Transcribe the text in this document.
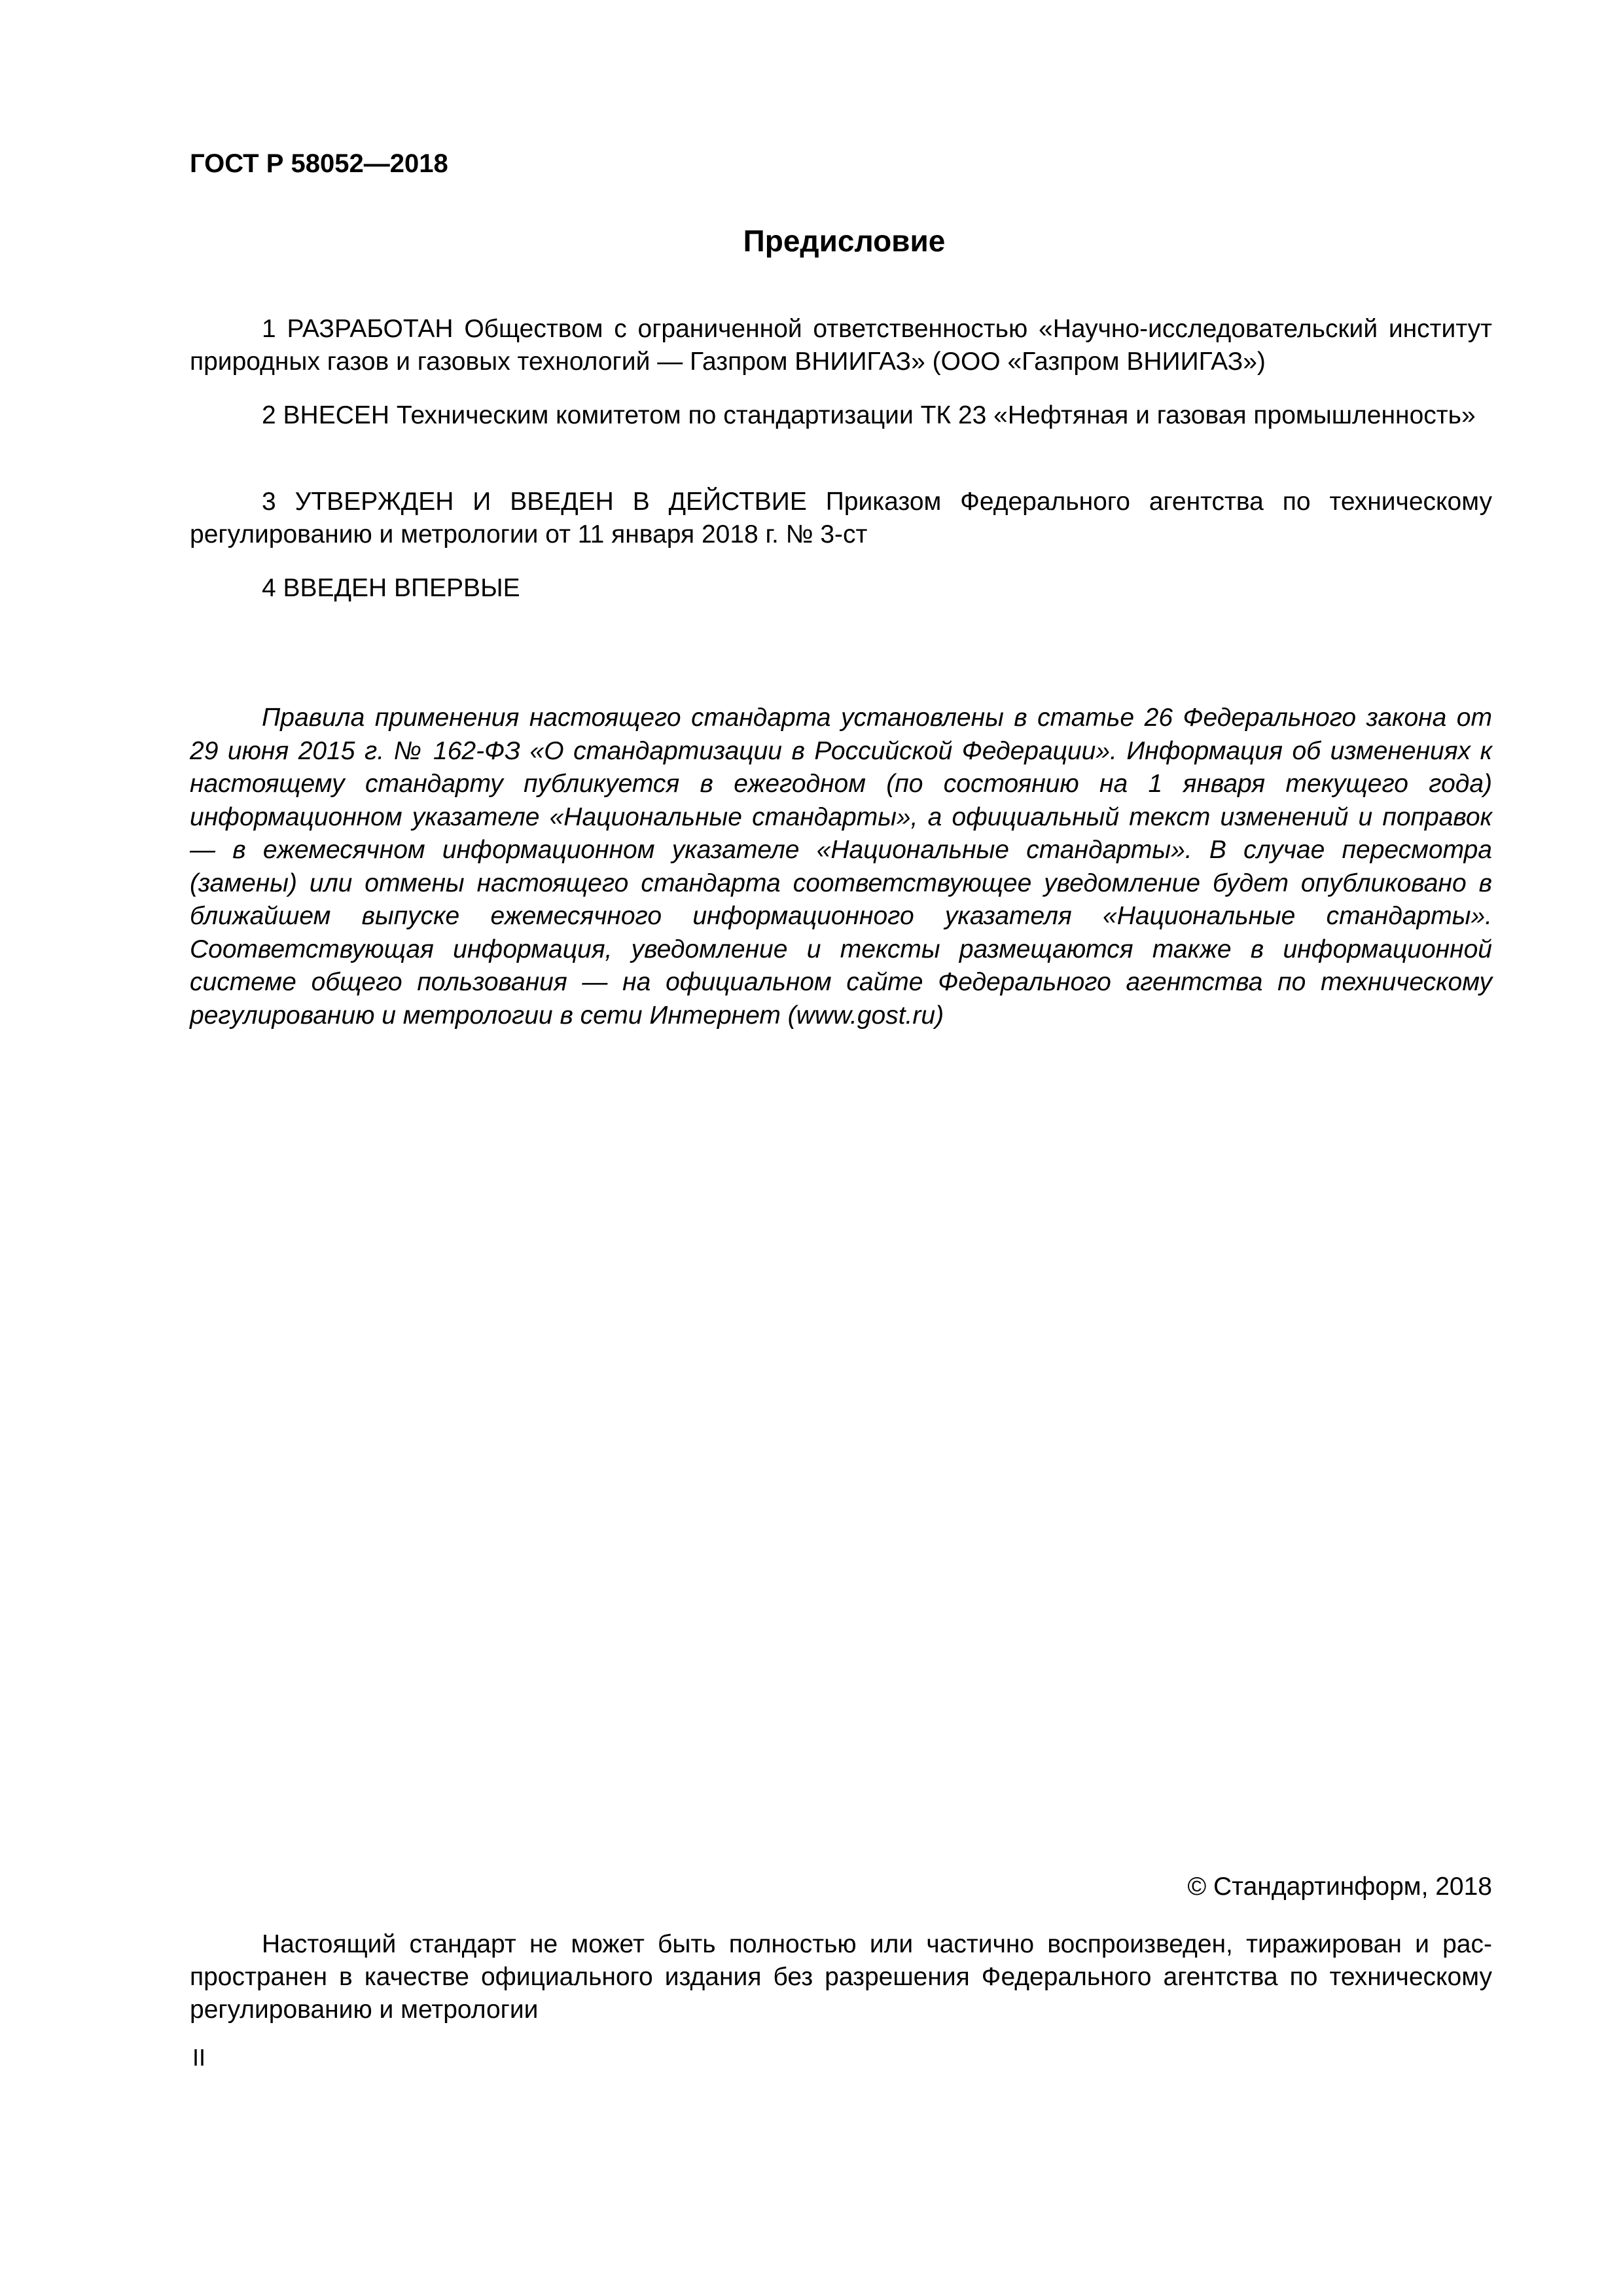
ГОСТ Р 58052—2018
Предисловие

1 РАЗРАБОТАН Обществом с ограниченной ответственностью «Научно-исследовательский институт природных газов и газовых технологий — Газпром ВНИИГАЗ» (ООО «Газпром ВНИИГАЗ»)

2 ВНЕСЕН Техническим комитетом по стандартизации ТК 23 «Нефтяная и газовая промышленность»

3 УТВЕРЖДЕН И ВВЕДЕН В ДЕЙСТВИЕ Приказом Федерального агентства по техническому регулированию и метрологии от 11 января 2018 г. № 3-ст

4 ВВЕДЕН ВПЕРВЫЕ

Правила применения настоящего стандарта установлены в статье 26 Федерального закона от 29 июня 2015 г. № 162-ФЗ «О стандартизации в Российской Федерации». Информация об изменениях к настоящему стандарту публикуется в ежегодном (по состоянию на 1 января текущего года) информационном указателе «Национальные стандарты», а официальный текст изменений и поправок — в ежемесячном информационном указателе «Национальные стандарты». В случае пересмотра (замены) или отмены настоящего стандарта соответствующее уведомление будет опубликовано в ближайшем выпуске ежемесячного информационного указателя «Национальные стандарты». Соответствующая информация, уведомление и тексты размещаются также в информационной системе общего пользования — на официальном сайте Федерального агентства по техническому регулированию и метрологии в сети Интернет (www.gost.ru)

© Стандартинформ, 2018

Настоящий стандарт не может быть полностью или частично воспроизведен, тиражирован и распространен в качестве официального издания без разрешения Федерального агентства по техническому регулированию и метрологии

II
